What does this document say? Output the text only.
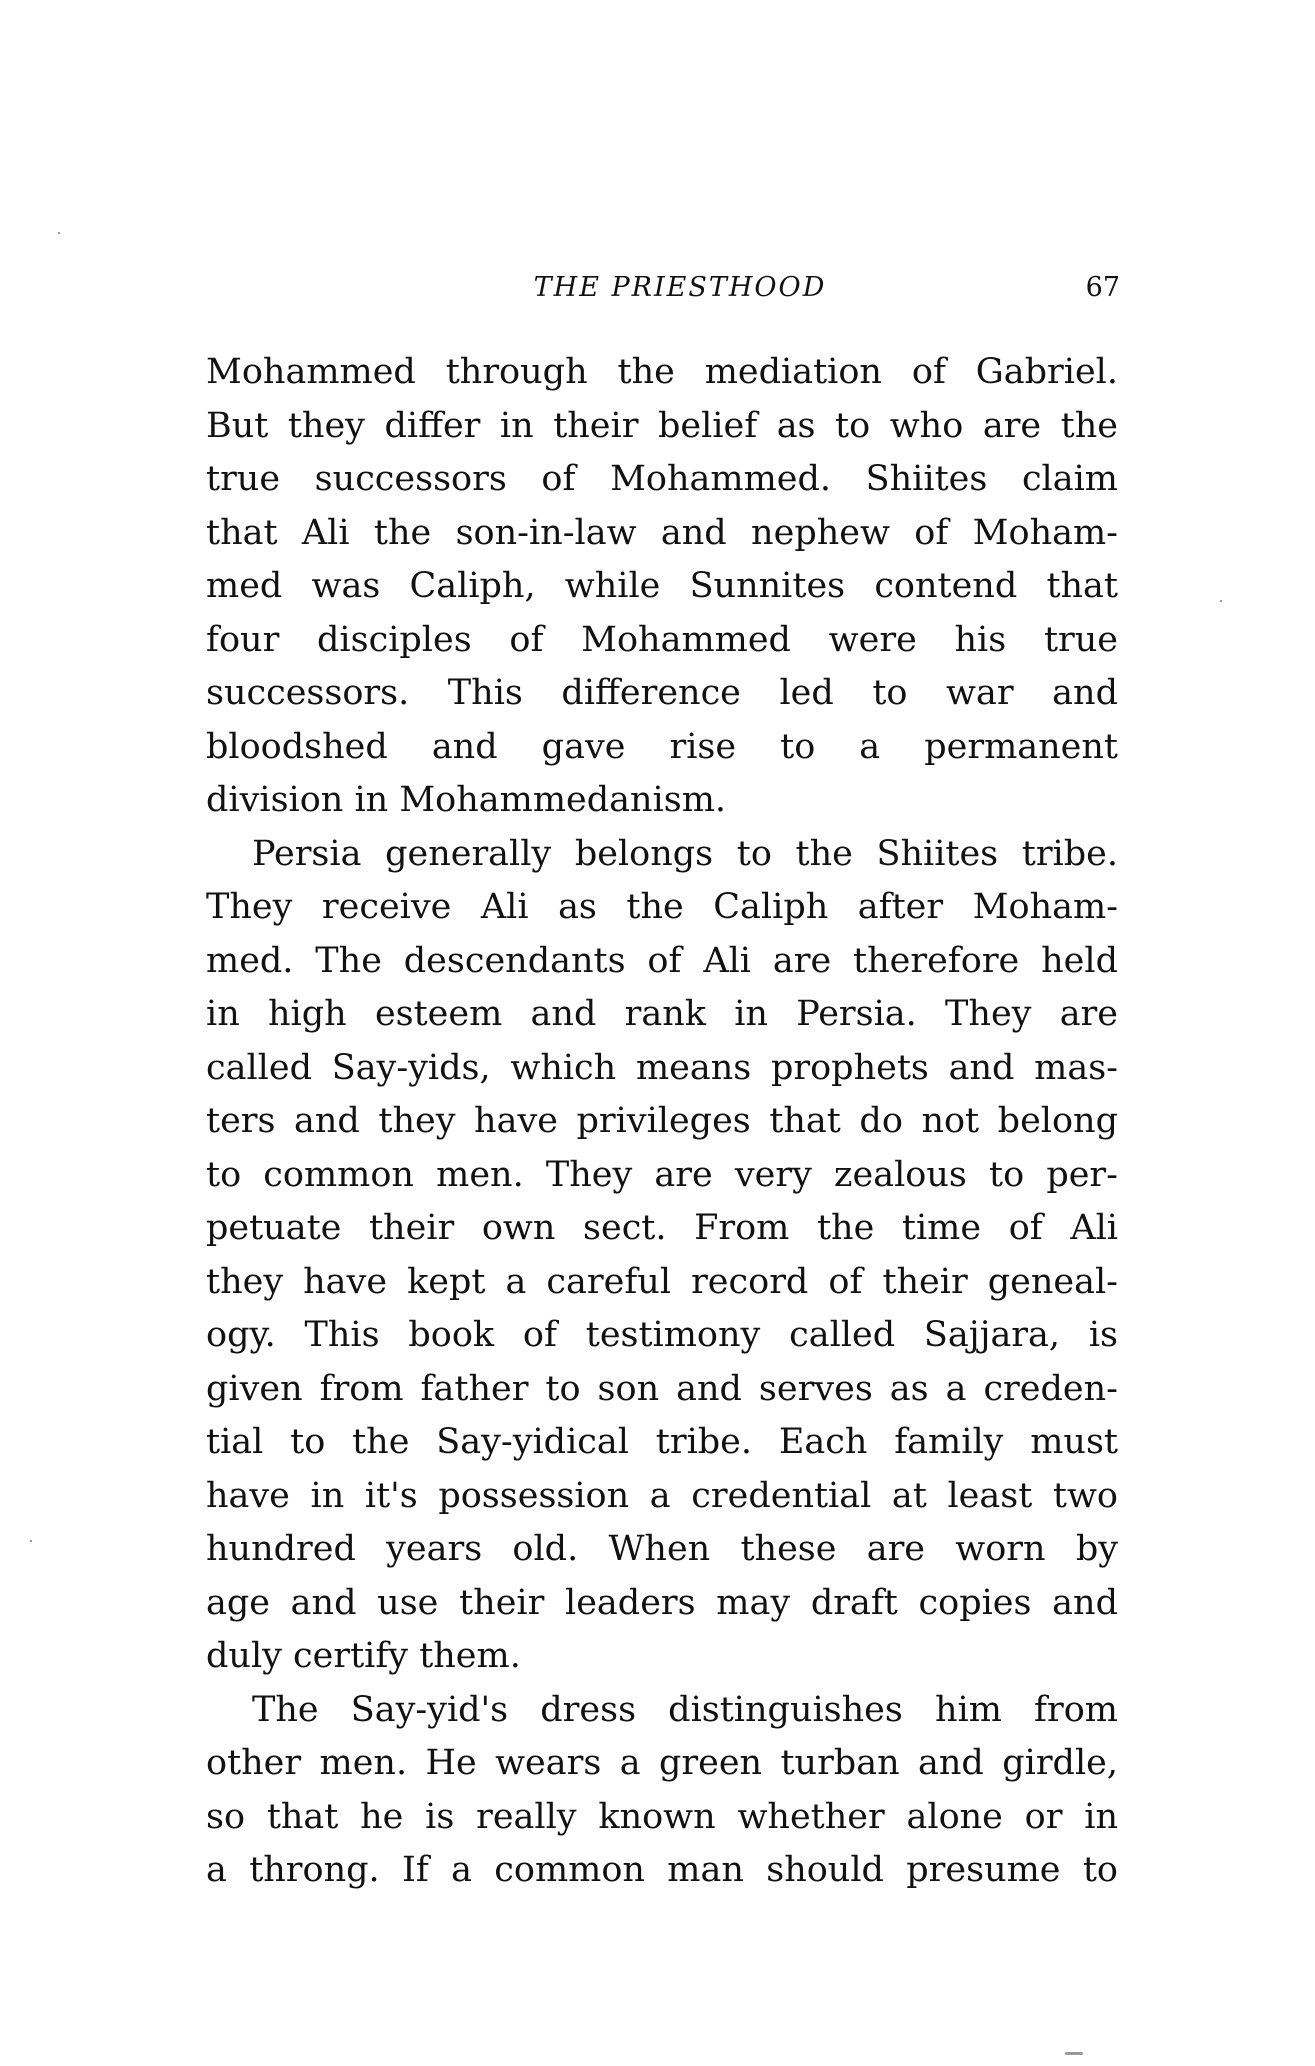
THE PRIESTHOOD	67
Mohammed through the mediation of Gabriel.
But they differ in their belief as to who are the
true successors of Mohammed. Shiites claim
that Ali the son-in-law and nephew of Moham-
med was Caliph, while Sunnites contend that
four disciples of Mohammed were his true
successors. This difference led to war and
bloodshed and gave rise to a permanent
division in Mohammedanism.
Persia generally belongs to the Shiites tribe.
They receive Ali as the Caliph after Moham-
med. The descendants of Ali are therefore held
in high esteem and rank in Persia. They are
called Say-yids, which means prophets and mas-
ters and they have privileges that do not belong
to common men. They are very zealous to per-
petuate their own sect. From the time of Ali
they have kept a careful record of their geneal-
ogy. This book of testimony called Sajjara, is
given from father to son and serves as a creden-
tial to the Say-yidical tribe. Each family must
have in it's possession a credential at least two
hundred years old. When these are worn by
age and use their leaders may draft copies and
duly certify them.
The Say-yid's dress distinguishes him from
other men. He wears a green turban and girdle,
so that he is really known whether alone or in
a throng. If a common man should presume to
